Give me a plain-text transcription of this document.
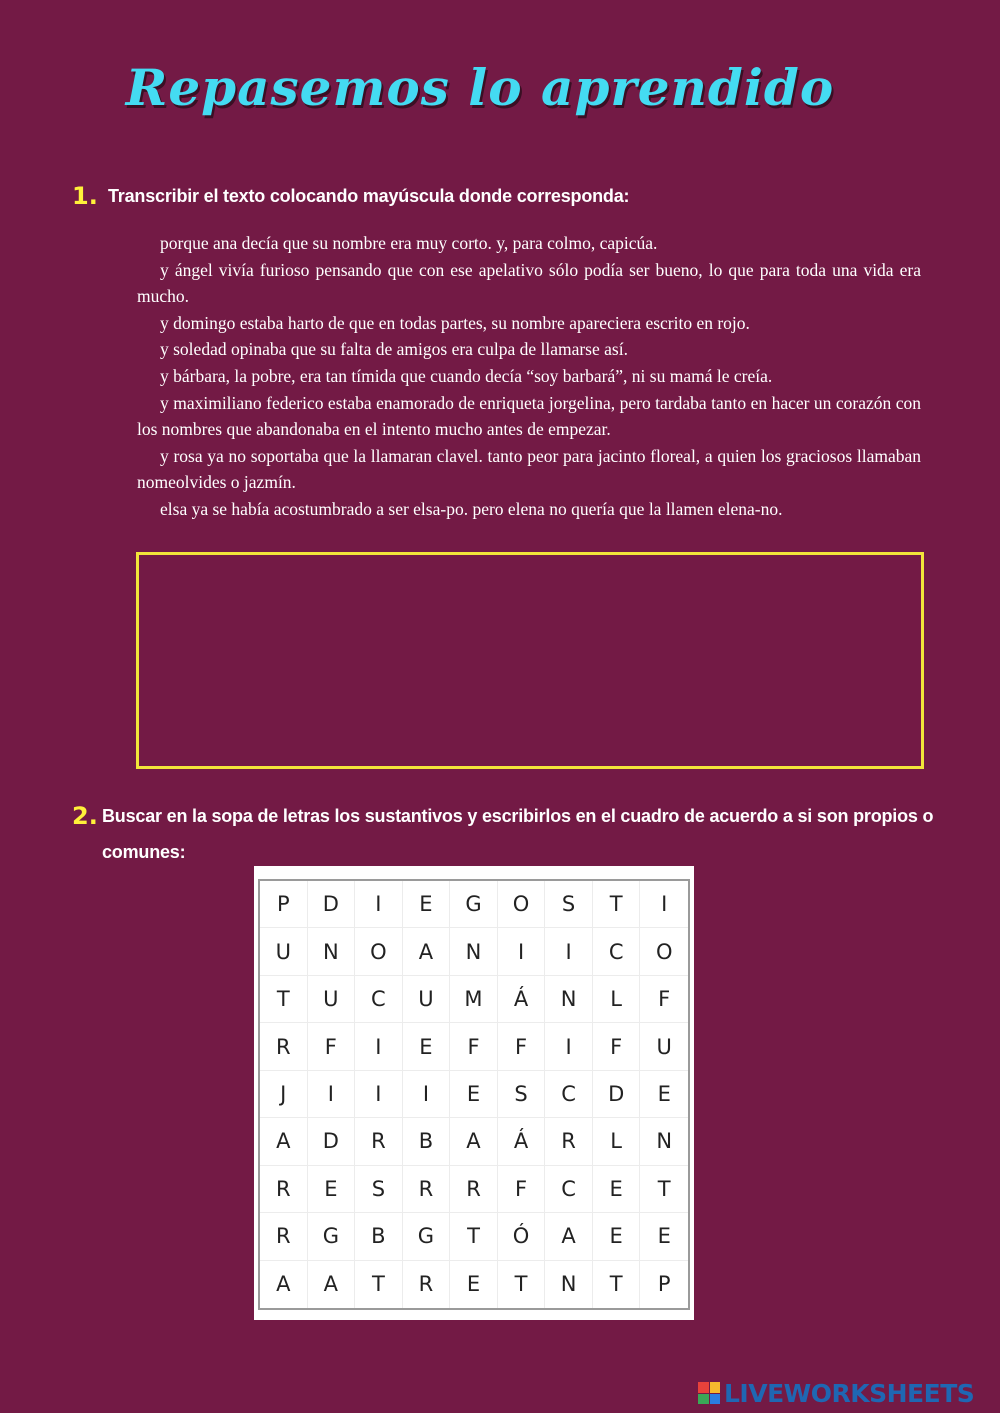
Repasemos lo aprendido
1. Transcribir el texto colocando mayúscula donde corresponda:

porque ana decía que su nombre era muy corto. y, para colmo, capicúa.

y ángel vivía furioso pensando que con ese apelativo sólo podía ser bueno, lo que para toda una vida era mucho.

y domingo estaba harto de que en todas partes, su nombre apareciera escrito en rojo.

y soledad opinaba que su falta de amigos era culpa de llamarse así.

y bárbara, la pobre, era tan tímida que cuando decía “soy barbará”, ni su mamá le creía.

y maximiliano federico estaba enamorado de enriqueta jorgelina, pero tardaba tanto en hacer un corazón con los nombres que abandonaba en el intento mucho antes de empezar.

y rosa ya no soportaba que la llamaran clavel. tanto peor para jacinto floreal, a quien los graciosos llamaban nomeolvides o jazmín.

elsa ya se había acostumbrado a ser elsa-po. pero elena no quería que la llamen elena-no.

2. Buscar en la sopa de letras los sustantivos y escribirlos en el cuadro de acuerdo a si son propios o
comunes:
P	D	I	E	G	O	S	T	I
U	N	O	A	N	I	I	C	O
T	U	C	U	M	Á	N	L	F
R	F	I	E	F	F	I	F	U
J	I	I	I	E	S	C	D	E
A	D	R	B	A	Á	R	L	N
R	E	S	R	R	F	C	E	T
R	G	B	G	T	Ó	A	E	E
A	A	T	R	E	T	N	T	P
LIVEWORKSHEETS
